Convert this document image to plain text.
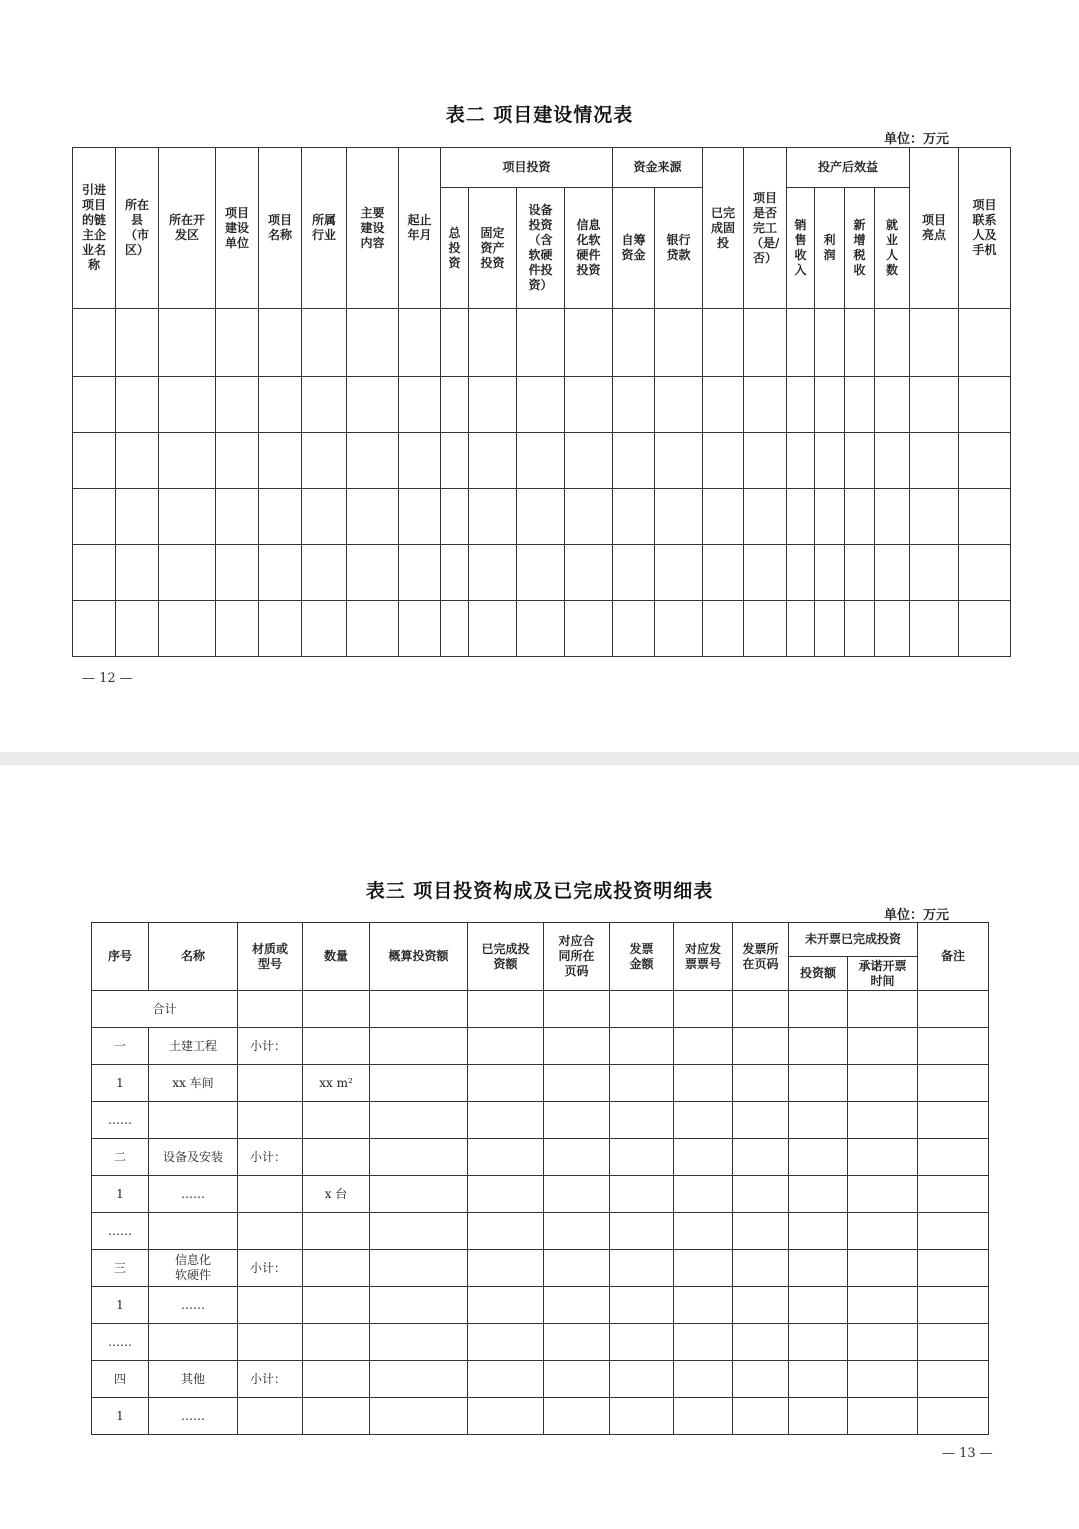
表二 项目建设情况表
单位：万元
引进项目的链主企业名称	所在县（市区）	所在开发区	项目建设单位	项目名称	所属行业	主要建设内容	起止年月	项目投资				资金来源		已完成固投	项目是否完工（是/否）	投产后效益				项目亮点	项目联系人及手机
								总投资	固定资产投资	设备投资（含软硬件投资）	信息化软硬件投资	自筹资金	银行贷款			销售收入	利润	新增税收	就业人数		

— 12 —
表三 项目投资构成及已完成投资明细表
单位：万元
序号	名称	材质或型号	数量	概算投资额	已完成投资额	对应合同所在页码	发票金额	对应发票票号	发票所在页码	未开票已完成投资		备注
										投资额	承诺开票时间	
合计												
一	土建工程	小计：										
1	xx 车间		xx m²									
……												
二	设备及安装	小计：										
1	……		x 台									
……												
三	信息化软硬件	小计：										
1	……											
……												
四	其他	小计：										
1	……											
— 13 —
